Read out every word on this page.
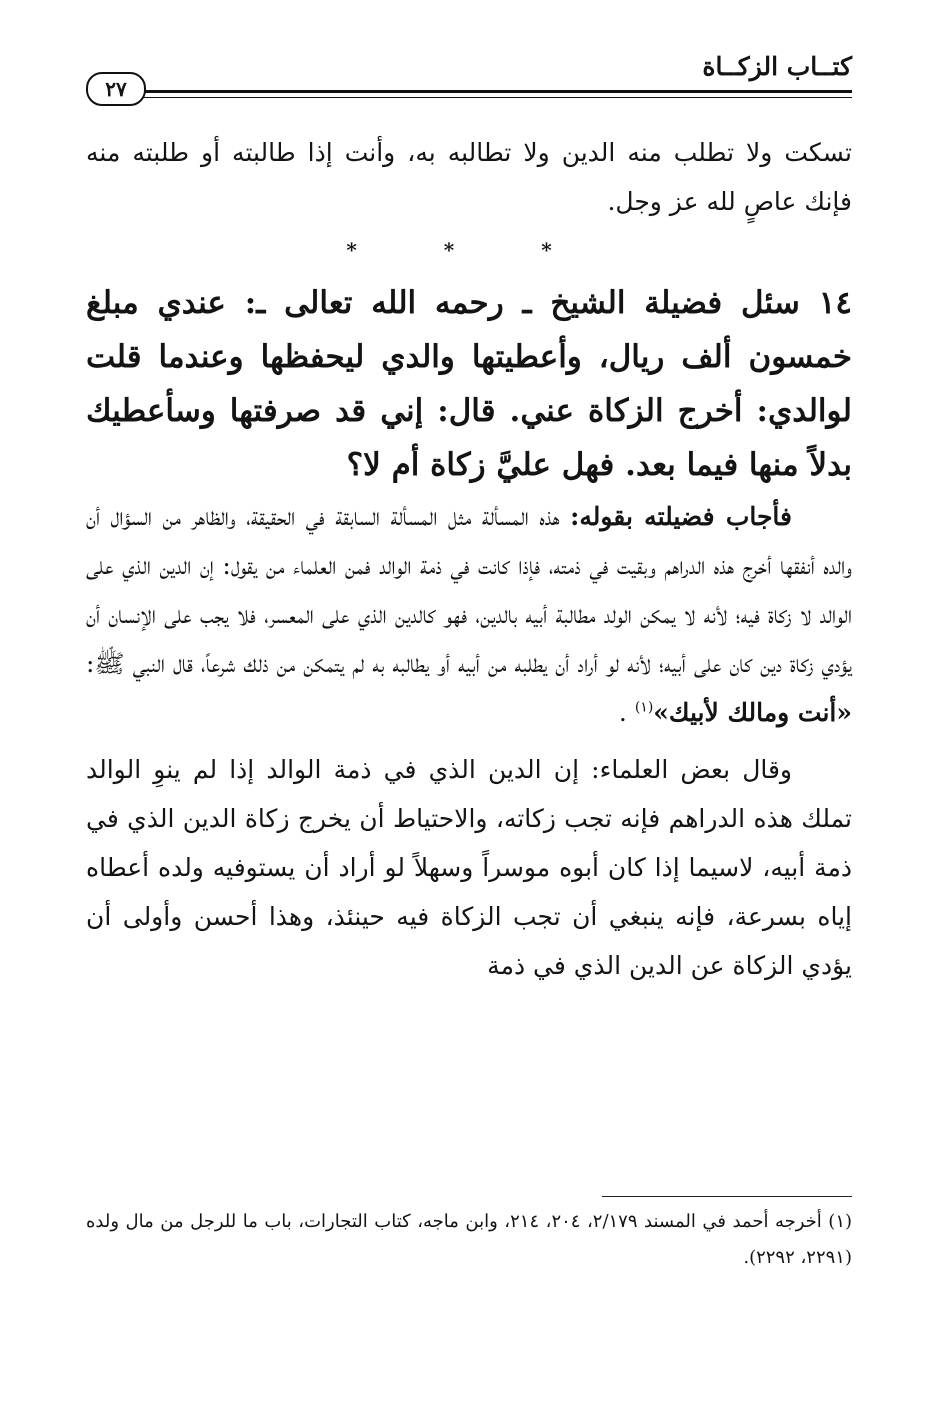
كتــاب الزكــاة
٢٧

تسكت ولا تطلب منه الدين ولا تطالبه به، وأنت إذا طالبته أو طلبته منه فإنك عاصٍ لله عز وجل.

* * *

١٤ سئل فضيلة الشيخ ـ رحمه الله تعالى ـ: عندي مبلغ خمسون ألف ريال، وأعطيتها والدي ليحفظها وعندما قلت لوالدي: أخرج الزكاة عني. قال: إني قد صرفتها وسأعطيك بدلاً منها فيما بعد. فهل عليَّ زكاة أم لا؟

فأجاب فضيلته بقوله: هذه المسألة مثل المسألة السابقة في الحقيقة، والظاهر من السؤال أن والده أنفقها أخرج هذه الدراهم وبقيت في ذمته، فإذا كانت في ذمة الوالد فمن العلماء من يقول: إن الدين الذي على الوالد لا زكاة فيه؛ لأنه لا يمكن الولد مطالبة أبيه بالدين، فهو كالدين الذي على المعسر، فلا يجب على الإنسان أن يؤدي زكاة دين كان على أبيه؛ لأنه لو أراد أن يطلبه من أبيه أو يطالبه به لم يتمكن من ذلك شرعاً، قال النبي ﷺ: «أنت ومالك لأبيك»$^{(١)}$ .

وقال بعض العلماء: إن الدين الذي في ذمة الوالد إذا لم ينوِ الوالد تملك هذه الدراهم فإنه تجب زكاته، والاحتياط أن يخرج زكاة الدين الذي في ذمة أبيه، لاسيما إذا كان أبوه موسراً وسهلاً لو أراد أن يستوفيه ولده أعطاه إياه بسرعة، فإنه ينبغي أن تجب الزكاة فيه حينئذ، وهذا أحسن وأولى أن يؤدي الزكاة عن الدين الذي في ذمة

(١) أخرجه أحمد في المسند ٢/١٧٩، ٢٠٤، ٢١٤، وابن ماجه، كتاب التجارات، باب ما للرجل من مال ولده (٢٢٩١، ٢٢٩٢).
